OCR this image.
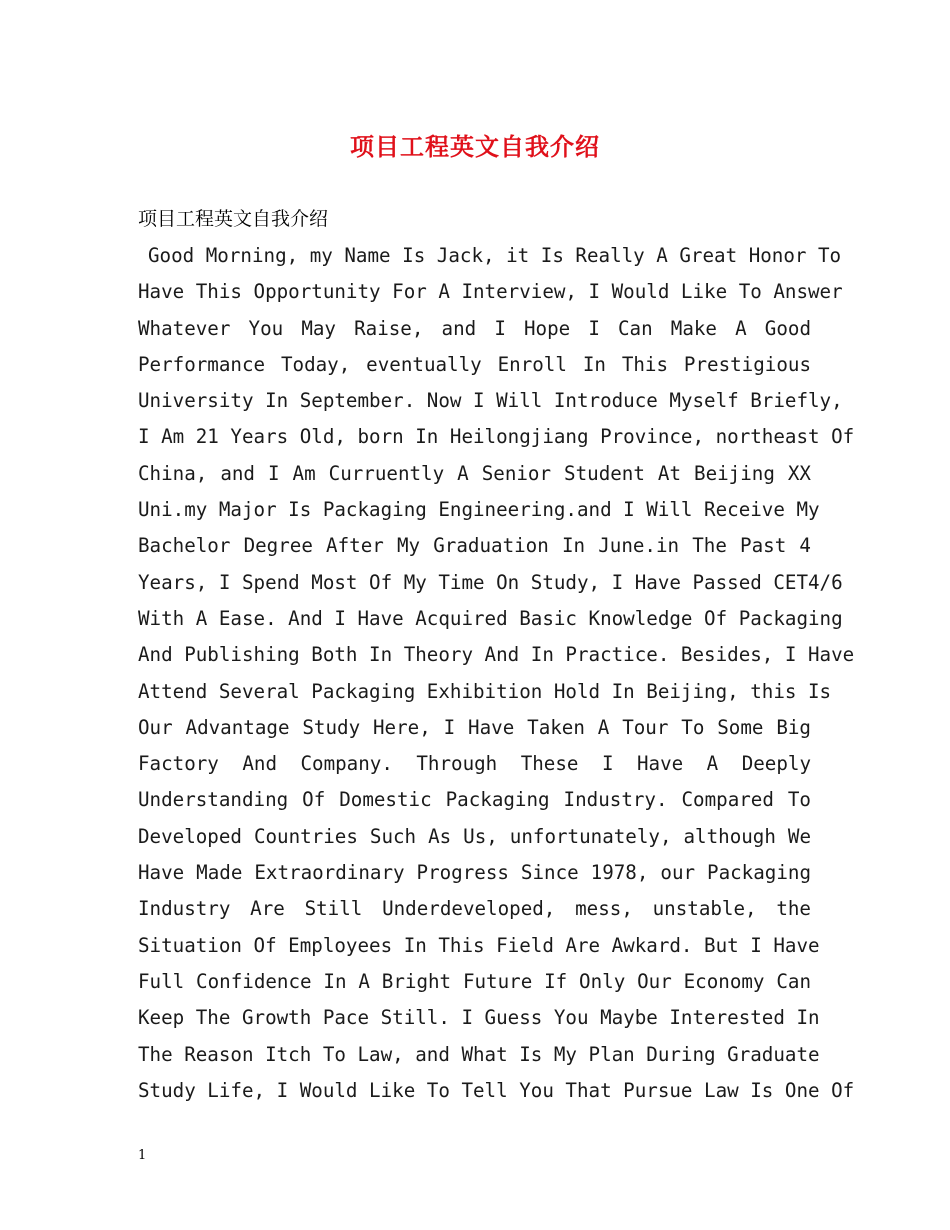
项目工程英文自我介绍
项目工程英文自我介绍
Good Morning, my Name Is Jack, it Is Really A Great Honor To
Have This Opportunity For A Interview, I Would Like To Answer
Whatever You May Raise, and I Hope I Can Make A Good
Performance Today, eventually Enroll In This Prestigious
University In September. Now I Will Introduce Myself Briefly,
I Am 21 Years Old, born In Heilongjiang Province, northeast Of
China, and I Am Curruently A Senior Student At Beijing XX
Uni.my Major Is Packaging Engineering.and I Will Receive My
Bachelor Degree After My Graduation In June.in The Past 4
Years, I Spend Most Of My Time On Study, I Have Passed CET4/6
With A Ease. And I Have Acquired Basic Knowledge Of Packaging
And Publishing Both In Theory And In Practice. Besides, I Have
Attend Several Packaging Exhibition Hold In Beijing, this Is
Our Advantage Study Here, I Have Taken A Tour To Some Big
Factory And Company. Through These I Have A Deeply
Understanding Of Domestic Packaging Industry. Compared To
Developed Countries Such As Us, unfortunately, although We
Have Made Extraordinary Progress Since 1978, our Packaging
Industry Are Still Underdeveloped, mess, unstable, the
Situation Of Employees In This Field Are Awkard. But I Have
Full Confidence In A Bright Future If Only Our Economy Can
Keep The Growth Pace Still. I Guess You Maybe Interested In
The Reason Itch To Law, and What Is My Plan During Graduate
Study Life, I Would Like To Tell You That Pursue Law Is One Of
1
